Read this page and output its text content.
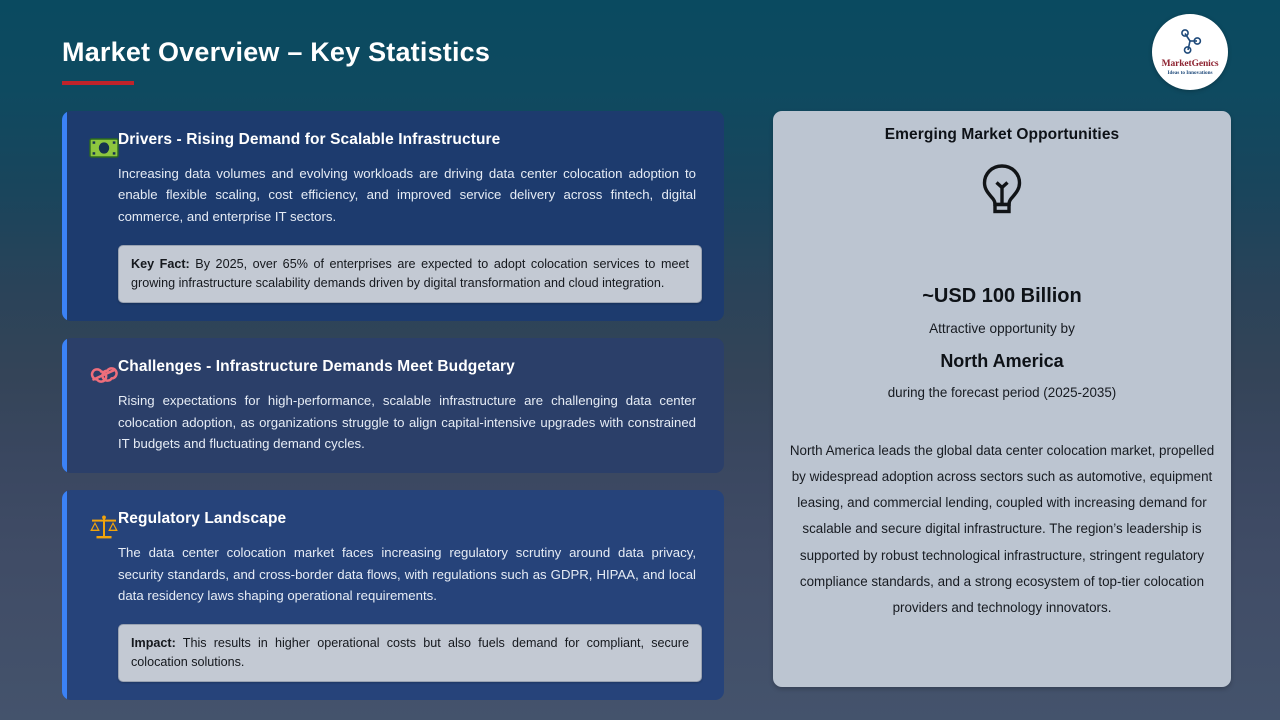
Market Overview – Key Statistics	MarketGenics
Ideas to Innovations
Drivers - Rising Demand for Scalable Infrastructure
Increasing data volumes and evolving workloads are driving data center colocation adoption to enable flexible scaling, cost efficiency, and improved service delivery across fintech, digital commerce, and enterprise IT sectors.
Key Fact: By 2025, over 65% of enterprises are expected to adopt colocation services to meet growing infrastructure scalability demands driven by digital transformation and cloud integration.
Challenges - Infrastructure Demands Meet Budgetary
Rising expectations for high-performance, scalable infrastructure are challenging data center colocation adoption, as organizations struggle to align capital-intensive upgrades with constrained IT budgets and fluctuating demand cycles.
Regulatory Landscape
The data center colocation market faces increasing regulatory scrutiny around data privacy, security standards, and cross-border data flows, with regulations such as GDPR, HIPAA, and local data residency laws shaping operational requirements.
Impact: This results in higher operational costs but also fuels demand for compliant, secure colocation solutions.
Emerging Market Opportunities
~USD 100 Billion
Attractive opportunity by
North America
during the forecast period (2025-2035)
North America leads the global data center colocation market, propelled by widespread adoption across sectors such as automotive, equipment leasing, and commercial lending, coupled with increasing demand for scalable and secure digital infrastructure. The region’s leadership is supported by robust technological infrastructure, stringent regulatory compliance standards, and a strong ecosystem of top-tier colocation providers and technology innovators.
